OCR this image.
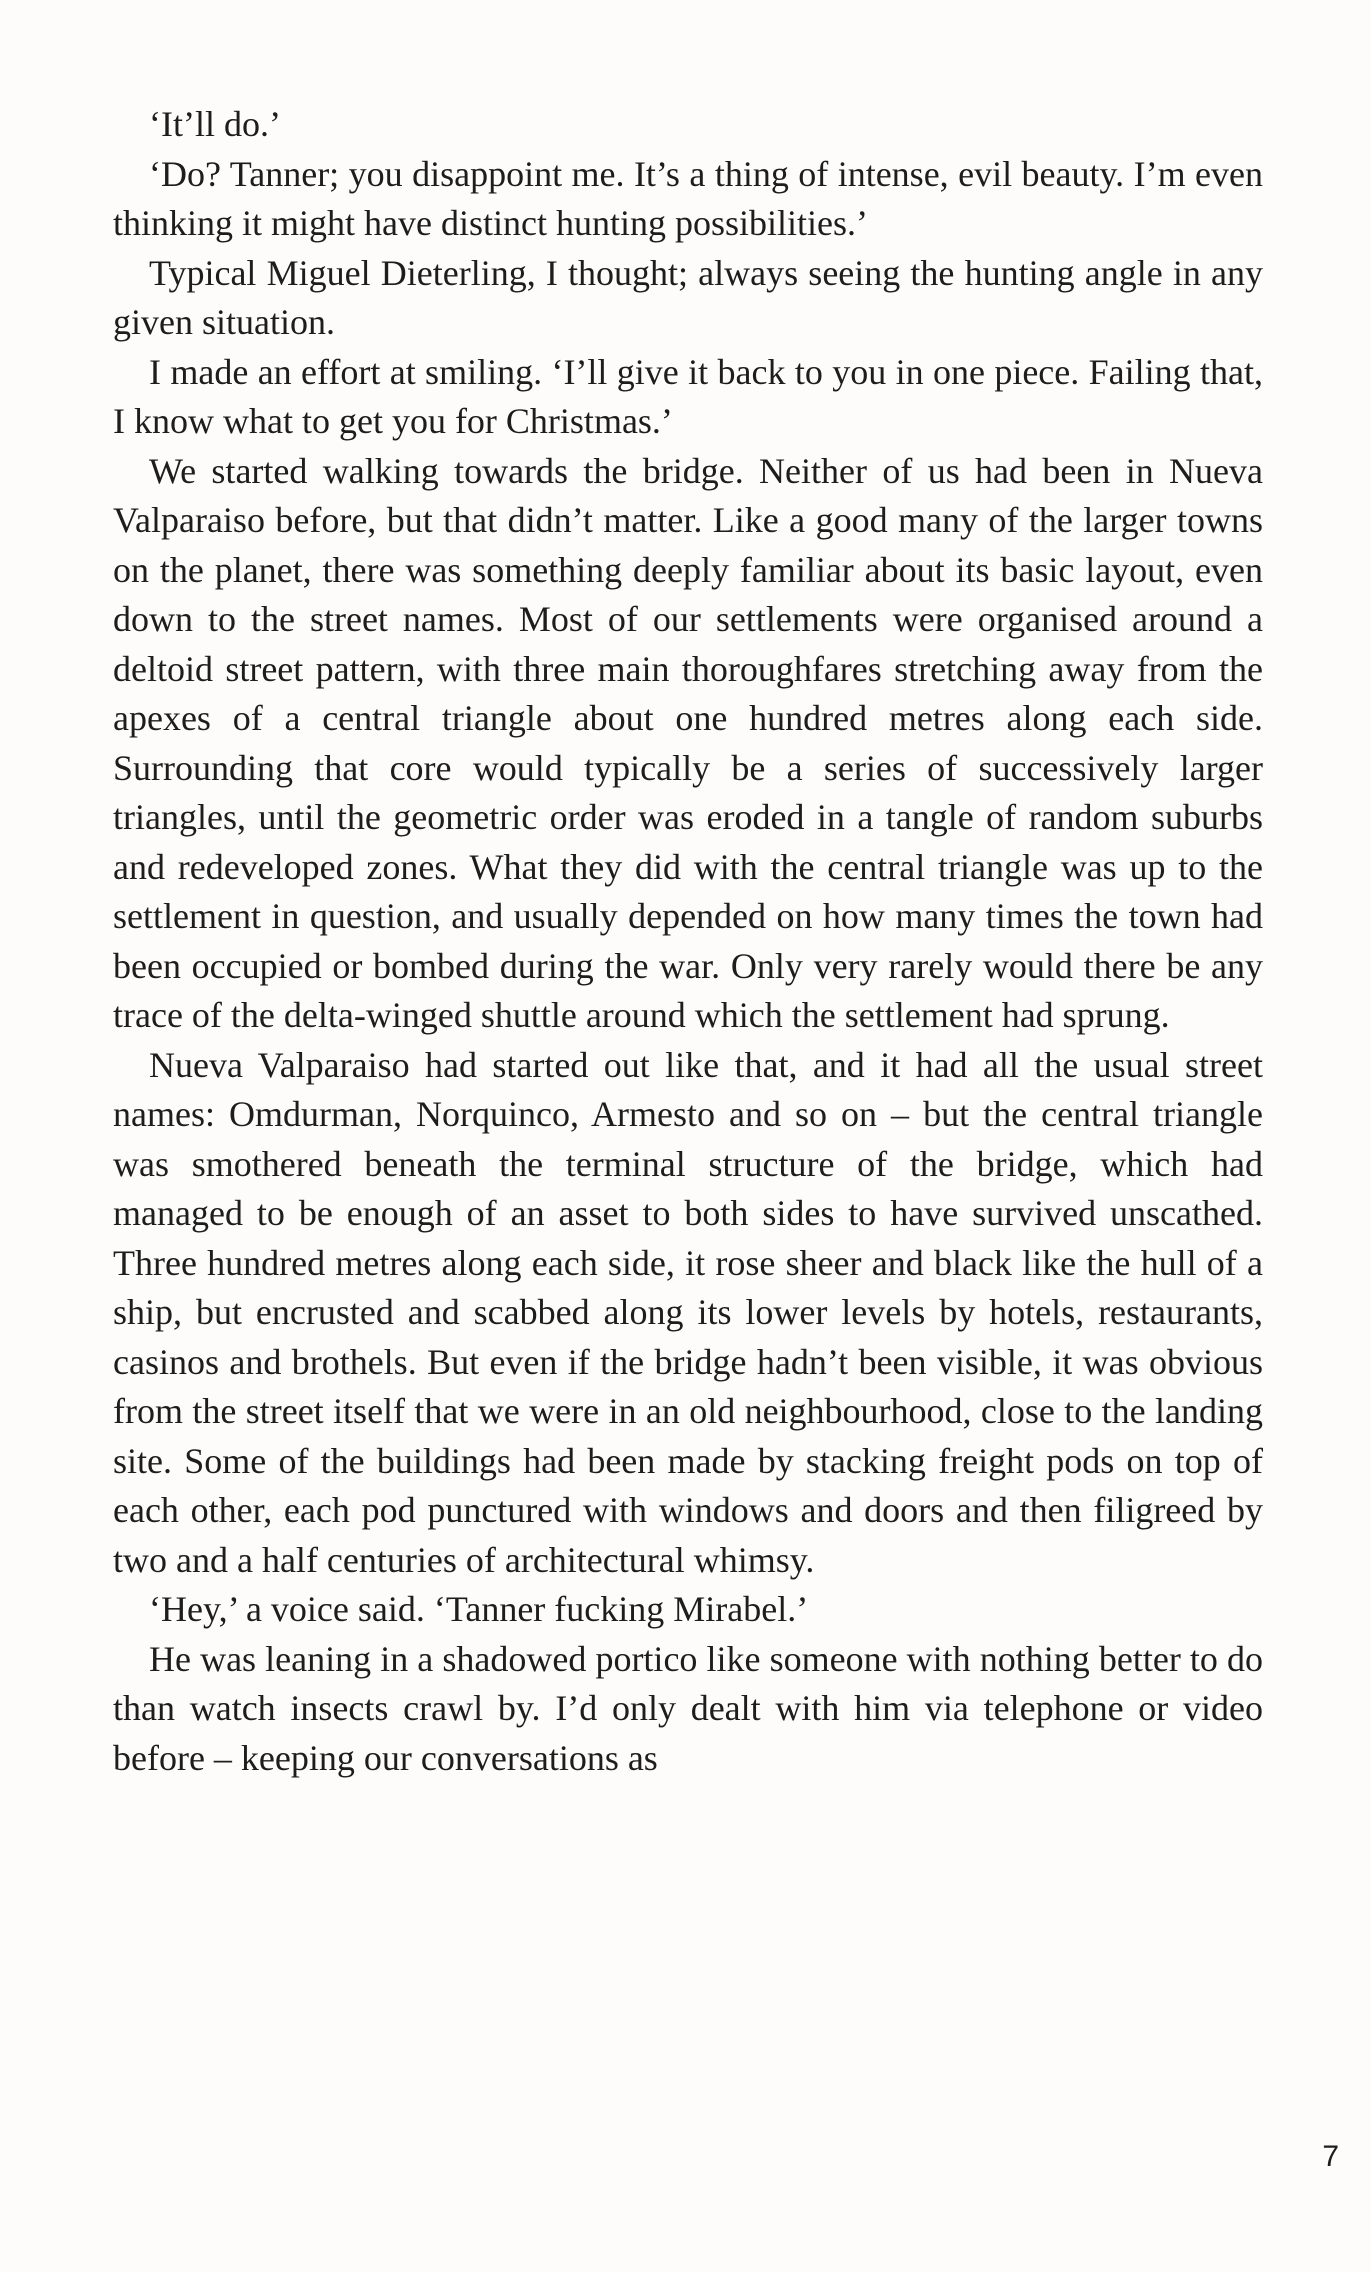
‘It’ll do.’

‘Do? Tanner; you disappoint me. It’s a thing of intense, evil beauty. I’m even thinking it might have distinct hunting possibilities.’

Typical Miguel Dieterling, I thought; always seeing the hunting angle in any given situation.

I made an effort at smiling. ‘I’ll give it back to you in one piece. Failing that, I know what to get you for Christmas.’

We started walking towards the bridge. Neither of us had been in Nueva Valparaiso before, but that didn’t matter. Like a good many of the larger towns on the planet, there was something deeply familiar about its basic layout, even down to the street names. Most of our settlements were organised around a deltoid street pattern, with three main thoroughfares stretching away from the apexes of a central triangle about one hundred metres along each side. Surrounding that core would typically be a series of successively larger triangles, until the geometric order was eroded in a tangle of random suburbs and redeveloped zones. What they did with the central triangle was up to the settlement in question, and usually depended on how many times the town had been occupied or bombed during the war. Only very rarely would there be any trace of the delta-winged shuttle around which the settlement had sprung.

Nueva Valparaiso had started out like that, and it had all the usual street names: Omdurman, Norquinco, Armesto and so on – but the central triangle was smothered beneath the terminal structure of the bridge, which had managed to be enough of an asset to both sides to have survived unscathed. Three hundred metres along each side, it rose sheer and black like the hull of a ship, but encrusted and scabbed along its lower levels by hotels, restaurants, casinos and brothels. But even if the bridge hadn’t been visible, it was obvious from the street itself that we were in an old neighbourhood, close to the landing site. Some of the buildings had been made by stacking freight pods on top of each other, each pod punctured with windows and doors and then filigreed by two and a half centuries of architectural whimsy.

‘Hey,’ a voice said. ‘Tanner fucking Mirabel.’

He was leaning in a shadowed portico like someone with nothing better to do than watch insects crawl by. I’d only dealt with him via telephone or video before – keeping our conversations as

7
